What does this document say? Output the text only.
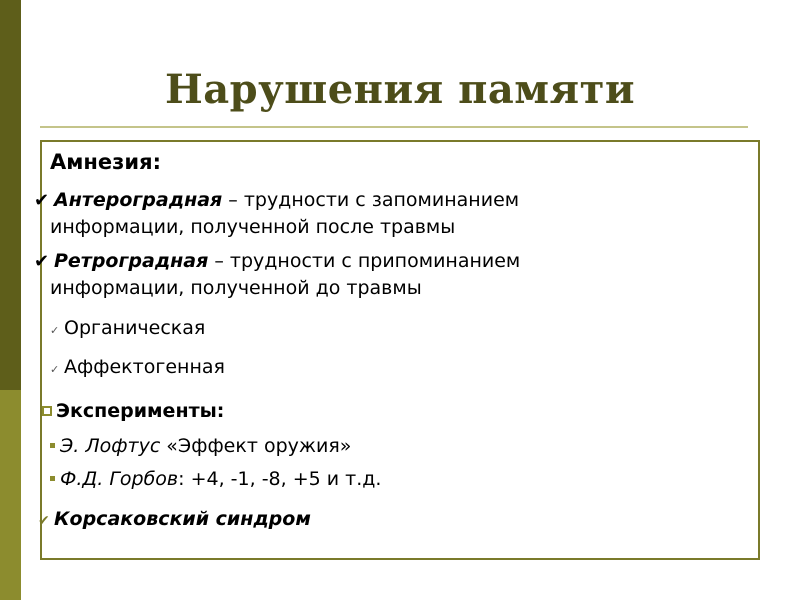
Нарушения памяти
Амнезия:
✔ Антероградная – трудности с запоминанием
информации, полученной после травмы
✔ Ретроградная – трудности с припоминанием
информации, полученной до травмы
✓ Органическая
✓ Аффектогенная
Эксперименты:
Э. Лофтус «Эффект оружия»
Ф.Д. Горбов: +4, -1, -8, +5 и т.д.
✔ Корсаковский синдром
